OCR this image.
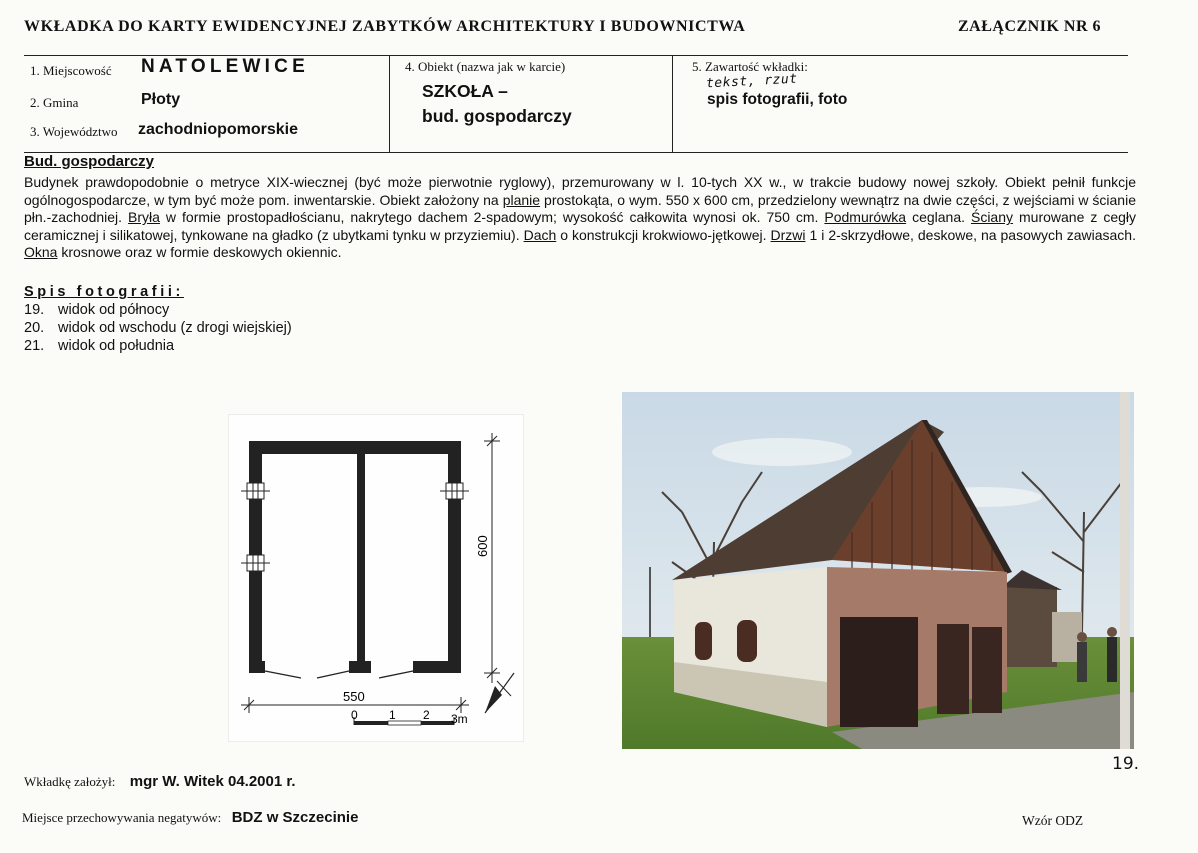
WKŁADKA DO KARTY EWIDENCYJNEJ ZABYTKÓW ARCHITEKTURY I BUDOWNICTWA	ZAŁĄCZNIK NR 6
1. Miejscowość NATOLEWICE
2. Gmina	Płoty
3. Województwo zachodniopomorskie
4. Obiekt (nazwa jak w karcie)
SZKOŁA –
bud. gospodarczy
5. Zawartość wkładki:
tekst, rzut
spis fotografii, foto
Bud. gospodarczy
Budynek prawdopodobnie o metryce XIX-wiecznej (być może pierwotnie ryglowy), przemurowany w l. 10-tych XX w., w trakcie budowy nowej szkoły. Obiekt pełnił funkcje ogólnogospodarcze, w tym być może pom. inwentarskie. Obiekt założony na planie prostokąta, o wym. 550 x 600 cm, przedzielony wewnątrz na dwie części, z wejściami w ścianie płn.-zachodniej. Bryła w formie prostopadłościanu, nakrytego dachem 2-spadowym; wysokość całkowita wynosi ok. 750 cm. Podmurówka ceglana. Ściany murowane z cegły ceramicznej i silikatowej, tynkowane na gładko (z ubytkami tynku w przyziemiu). Dach o konstrukcji krokwiowo-jętkowej. Drzwi 1 i 2-skrzydłowe, deskowe, na pasowych zawiasach. Okna krosnowe oraz w formie deskowych okiennic.
Spis fotografii:
19. widok od północy
20. widok od wschodu (z drogi wiejskiej)
21. widok od południa
600
550
0	1 2 3m
19.
Wkładkę założył: mgr W. Witek 04.2001 r.
Miejsce przechowywania negatywów: BDZ w Szczecinie	Wzór ODZ
